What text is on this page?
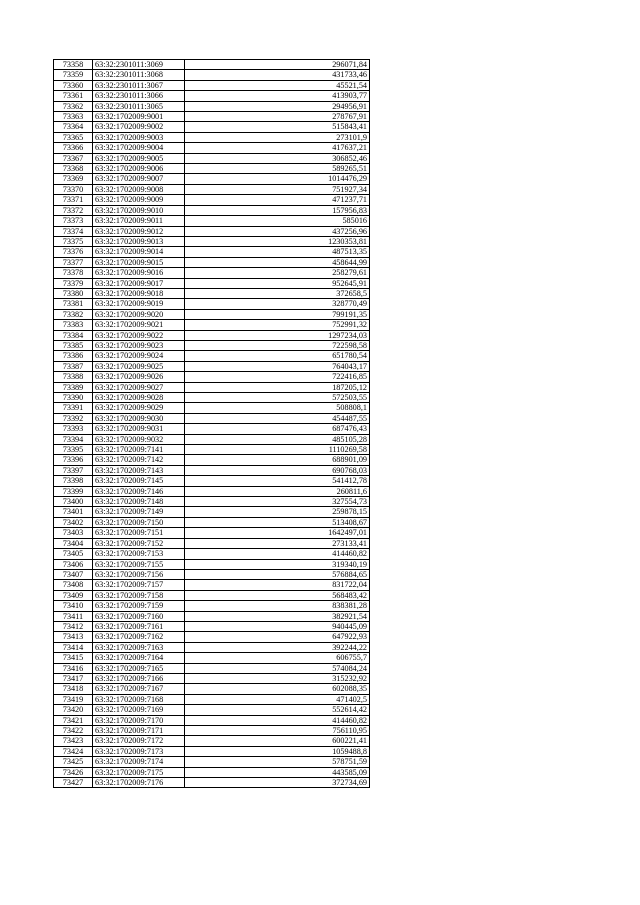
73358	63:32:2301011:3069	296071,84
73359	63:32:2301011:3068	431733,46
73360	63:32:2301011:3067	45521,54
73361	63:32:2301011:3066	413903,77
73362	63:32:2301011:3065	294956,91
73363	63:32:1702009:9001	278767,91
73364	63:32:1702009:9002	515843,41
73365	63:32:1702009:9003	273101,9
73366	63:32:1702009:9004	417637,21
73367	63:32:1702009:9005	306852,46
73368	63:32:1702009:9006	589265,51
73369	63:32:1702009:9007	1014476,29
73370	63:32:1702009:9008	751927,34
73371	63:32:1702009:9009	471237,71
73372	63:32:1702009:9010	157956,83
73373	63:32:1702009:9011	585016
73374	63:32:1702009:9012	437256,96
73375	63:32:1702009:9013	1230353,81
73376	63:32:1702009:9014	487513,35
73377	63:32:1702009:9015	458644,99
73378	63:32:1702009:9016	258279,61
73379	63:32:1702009:9017	952645,91
73380	63:32:1702009:9018	372658,5
73381	63:32:1702009:9019	328770,49
73382	63:32:1702009:9020	799191,35
73383	63:32:1702009:9021	752991,32
73384	63:32:1702009:9022	1297234,03
73385	63:32:1702009:9023	722598,58
73386	63:32:1702009:9024	651780,54
73387	63:32:1702009:9025	764043,17
73388	63:32:1702009:9026	722416,85
73389	63:32:1702009:9027	187205,12
73390	63:32:1702009:9028	572503,55
73391	63:32:1702009:9029	508808,1
73392	63:32:1702009:9030	454487,55
73393	63:32:1702009:9031	687476,43
73394	63:32:1702009:9032	485105,28
73395	63:32:1702009:7141	1110269,58
73396	63:32:1702009:7142	688901,09
73397	63:32:1702009:7143	690768,03
73398	63:32:1702009:7145	541412,78
73399	63:32:1702009:7146	260811,6
73400	63:32:1702009:7148	327554,73
73401	63:32:1702009:7149	259878,15
73402	63:32:1702009:7150	513408,67
73403	63:32:1702009:7151	1642497,01
73404	63:32:1702009:7152	273133,41
73405	63:32:1702009:7153	414460,82
73406	63:32:1702009:7155	319340,19
73407	63:32:1702009:7156	576884,65
73408	63:32:1702009:7157	831722,04
73409	63:32:1702009:7158	568483,42
73410	63:32:1702009:7159	838381,28
73411	63:32:1702009:7160	382921,54
73412	63:32:1702009:7161	940445,09
73413	63:32:1702009:7162	647922,93
73414	63:32:1702009:7163	392244,22
73415	63:32:1702009:7164	606755,7
73416	63:32:1702009:7165	574084,24
73417	63:32:1702009:7166	315232,92
73418	63:32:1702009:7167	602088,35
73419	63:32:1702009:7168	471402,5
73420	63:32:1702009:7169	552614,42
73421	63:32:1702009:7170	414460,82
73422	63:32:1702009:7171	756110,95
73423	63:32:1702009:7172	600221,41
73424	63:32:1702009:7173	1059488,8
73425	63:32:1702009:7174	578751,59
73426	63:32:1702009:7175	443585,09
73427	63:32:1702009:7176	372734,69
